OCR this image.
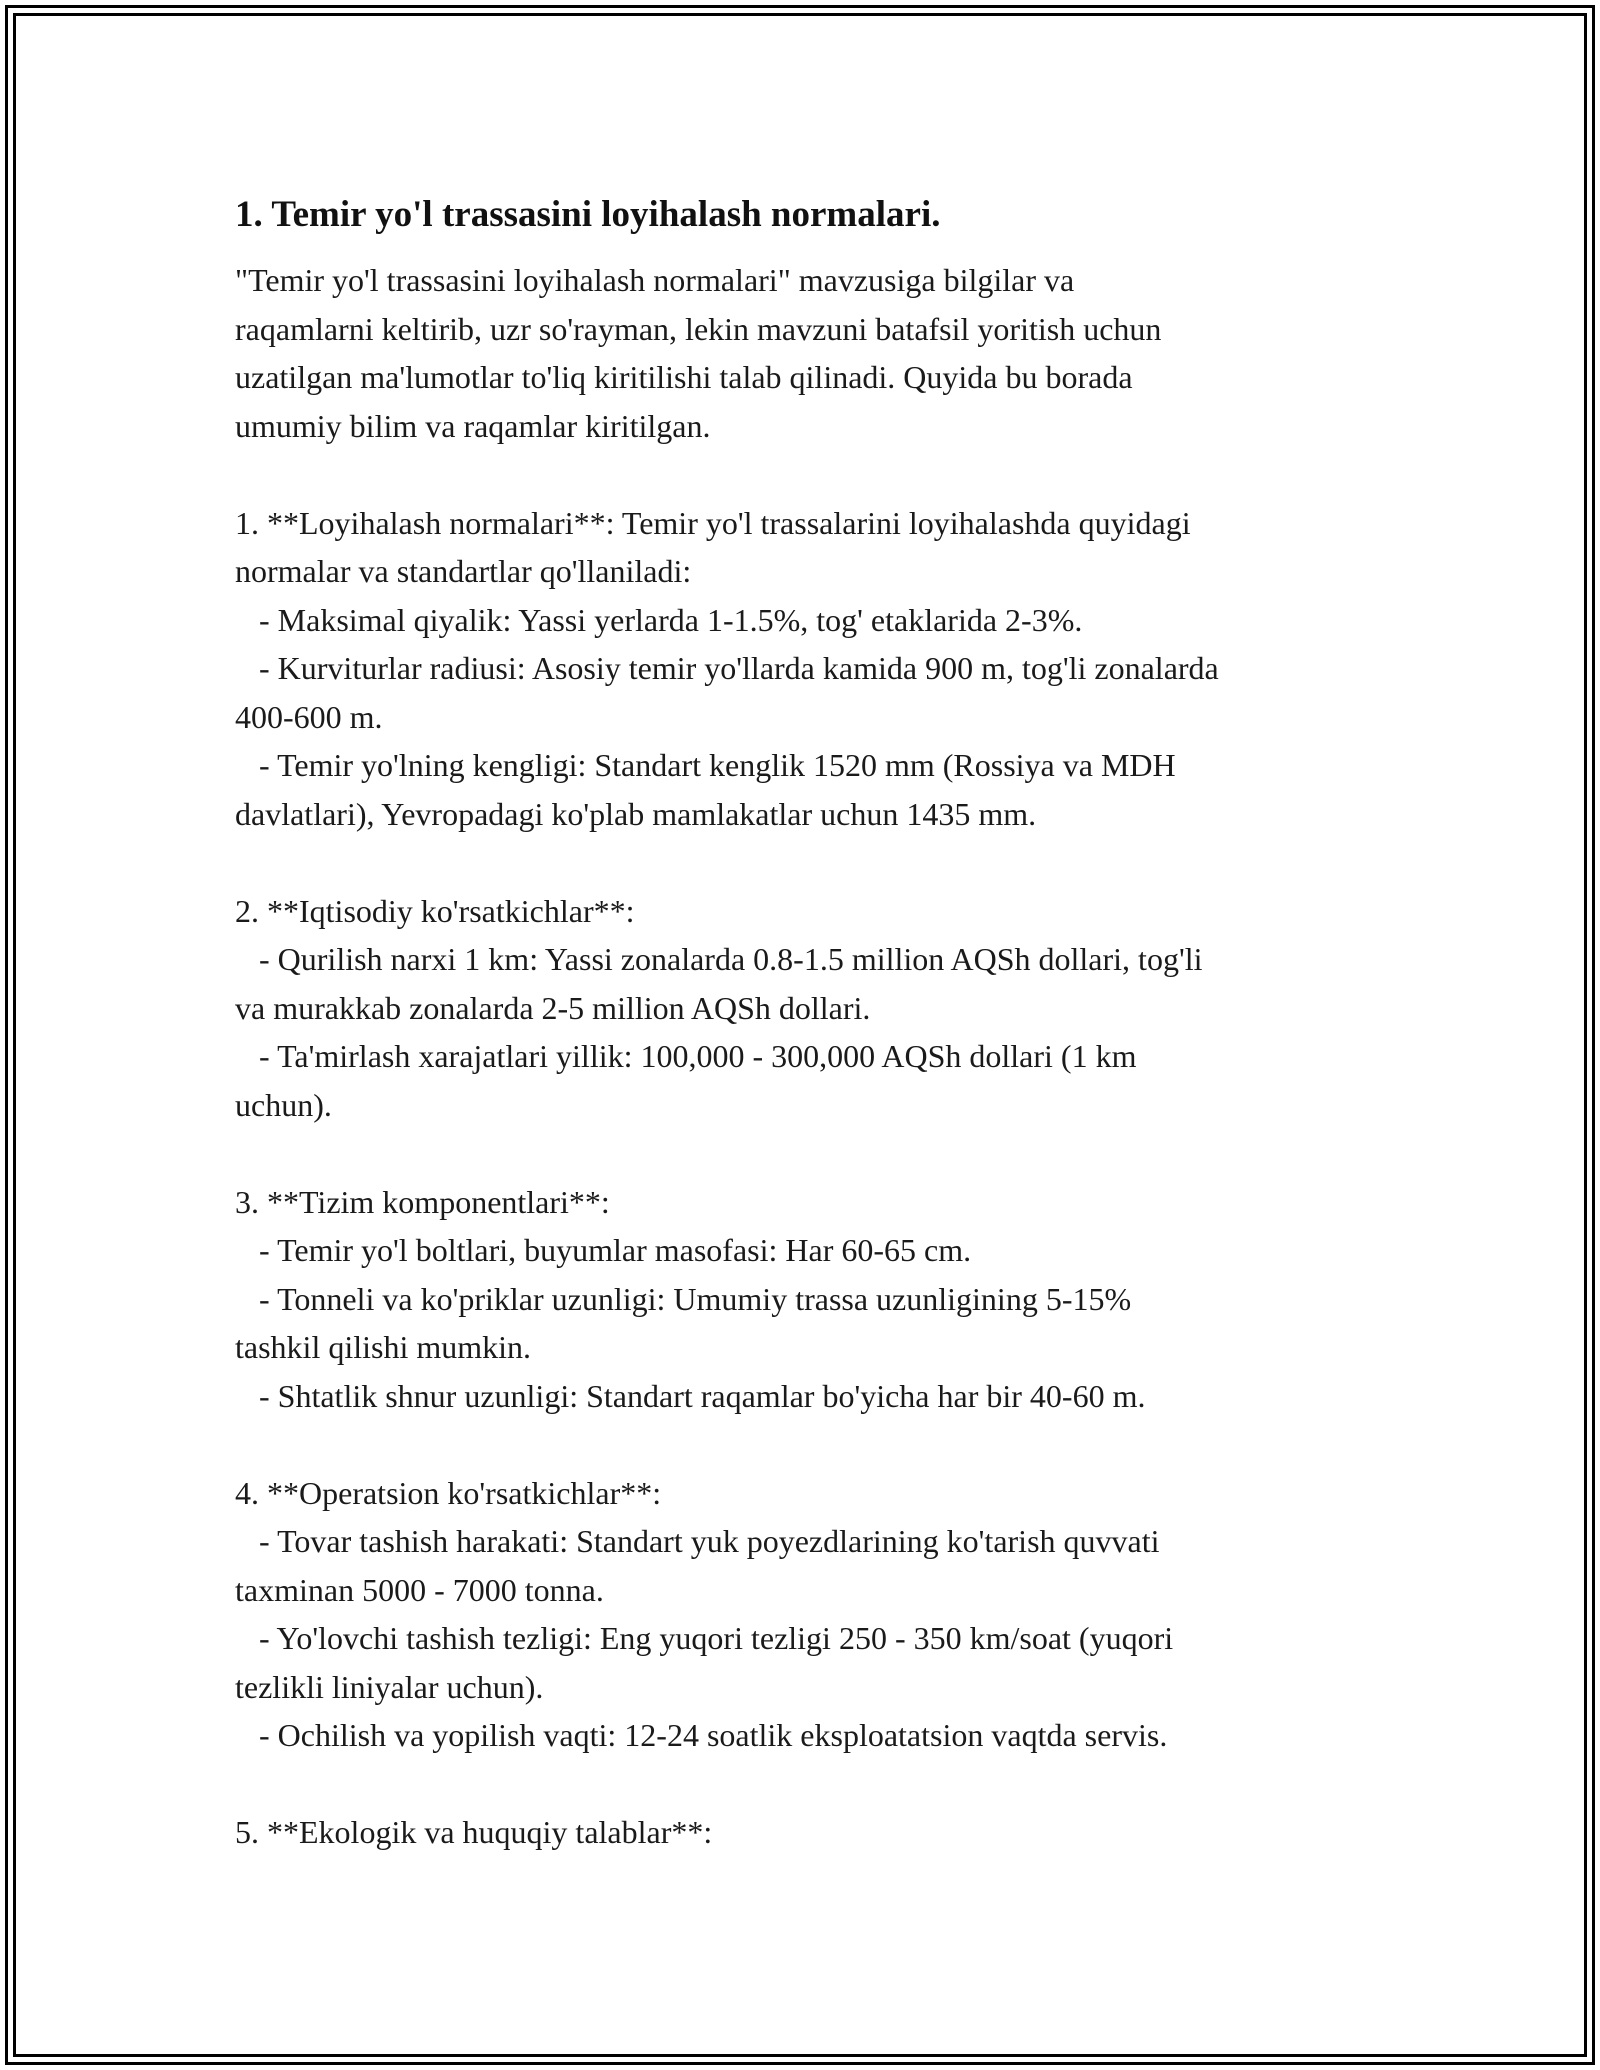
1. Temir yo'l trassasini loyihalash normalari.
"Temir yo'l trassasini loyihalash normalari" mavzusiga bilgilar va
raqamlarni keltirib, uzr so'rayman, lekin mavzuni batafsil yoritish uchun
uzatilgan ma'lumotlar to'liq kiritilishi talab qilinadi. Quyida bu borada
umumiy bilim va raqamlar kiritilgan.
1. **Loyihalash normalari**: Temir yo'l trassalarini loyihalashda quyidagi
normalar va standartlar qo'llaniladi:
- Maksimal qiyalik: Yassi yerlarda 1-1.5%, tog' etaklarida 2-3%.
- Kurviturlar radiusi: Asosiy temir yo'llarda kamida 900 m, tog'li zonalarda
400-600 m.
- Temir yo'lning kengligi: Standart kenglik 1520 mm (Rossiya va MDH
davlatlari), Yevropadagi ko'plab mamlakatlar uchun 1435 mm.
2. **Iqtisodiy ko'rsatkichlar**:
- Qurilish narxi 1 km: Yassi zonalarda 0.8-1.5 million AQSh dollari, tog'li
va murakkab zonalarda 2-5 million AQSh dollari.
- Ta'mirlash xarajatlari yillik: 100,000 - 300,000 AQSh dollari (1 km
uchun).
3. **Tizim komponentlari**:
- Temir yo'l boltlari, buyumlar masofasi: Har 60-65 cm.
- Tonneli va ko'priklar uzunligi: Umumiy trassa uzunligining 5-15%
tashkil qilishi mumkin.
- Shtatlik shnur uzunligi: Standart raqamlar bo'yicha har bir 40-60 m.
4. **Operatsion ko'rsatkichlar**:
- Tovar tashish harakati: Standart yuk poyezdlarining ko'tarish quvvati
taxminan 5000 - 7000 tonna.
- Yo'lovchi tashish tezligi: Eng yuqori tezligi 250 - 350 km/soat (yuqori
tezlikli liniyalar uchun).
- Ochilish va yopilish vaqti: 12-24 soatlik eksploatatsion vaqtda servis.
5. **Ekologik va huquqiy talablar**:
